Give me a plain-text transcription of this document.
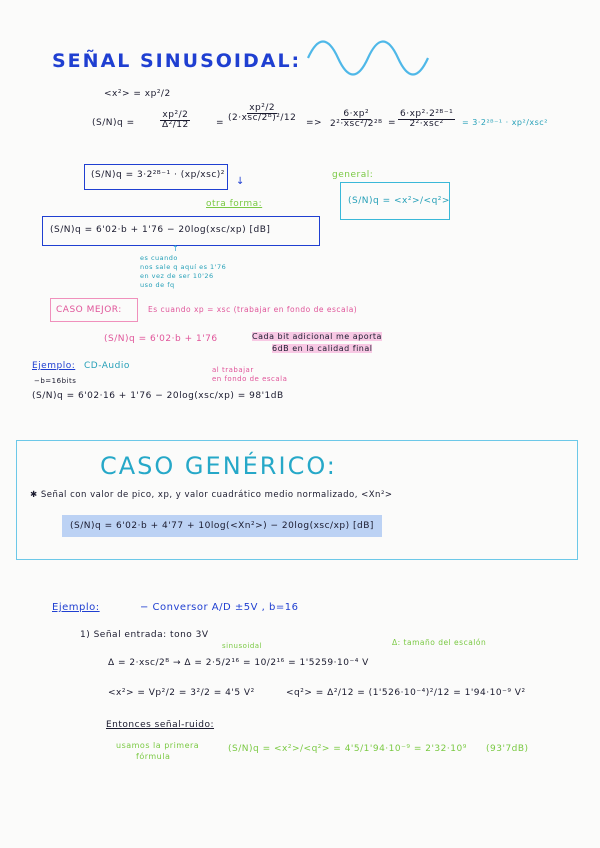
SEÑAL SINUSOIDAL:
<x²> = xp²/2
(S/N)q =	$\frac{\text{xp²/2}}{\text{Δ²/12}}$	= $\frac{\text{xp²/2}}{\text{(2·xsc/2ᴮ)²/12}} => \frac{\text{6·xp²}}{\text{2²·xsc²/2²ᴮ}} = \frac{\text{6·xp²·2²ᴮ⁻¹}}{\text{2²·xsc²}}$ = 3·2²ᴮ⁻¹ · xp²/xsc²
(S/N)q = 3·2²ᴮ⁻¹ · (xp/xsc)²
↓
general:
(S/N)q = <x²>/<q²>
otra forma:
(S/N)q = 6'02·b + 1'76 − 20log(xsc/xp) [dB]
↑
es cuando
nos sale q aquí es 1'76
en vez de ser 10'26
uso de fq
CASO MEJOR:	Es cuando xp = xsc (trabajar en fondo de escala)
(S/N)q = 6'02·b + 1'76	Cada bit adicional me aporta
6dB en la calidad final
Ejemplo: CD-Audio
−b=16bits
al trabajar
en fondo de escala
(S/N)q = 6'02·16 + 1'76 − 20log(xsc/xp) = 98'1dB
CASO GENÉRICO:
✱ Señal con valor de pico, xp, y valor cuadrático medio normalizado, <Xn²>
(S/N)q = 6'02·b + 4'77 + 10log(<Xn²>) − 20log(xsc/xp) [dB]
Ejemplo:	− Conversor A/D ±5V , b=16
1) Señal entrada: tono 3V
sinusoidal	Δ: tamaño del escalón
Δ = 2·xsc/2ᴮ → Δ = 2·5/2¹⁶ = 10/2¹⁶ = 1'5259·10⁻⁴ V
<x²> = Vp²/2 = 3²/2 = 4'5 V²	<q²> = Δ²/12 = (1'526·10⁻⁴)²/12 = 1'94·10⁻⁹ V²
Entonces señal-ruido:
usamos la primera
fórmula
(S/N)q = <x²>/<q²> = 4'5/1'94·10⁻⁹ = 2'32·10⁹ (93'7dB)
